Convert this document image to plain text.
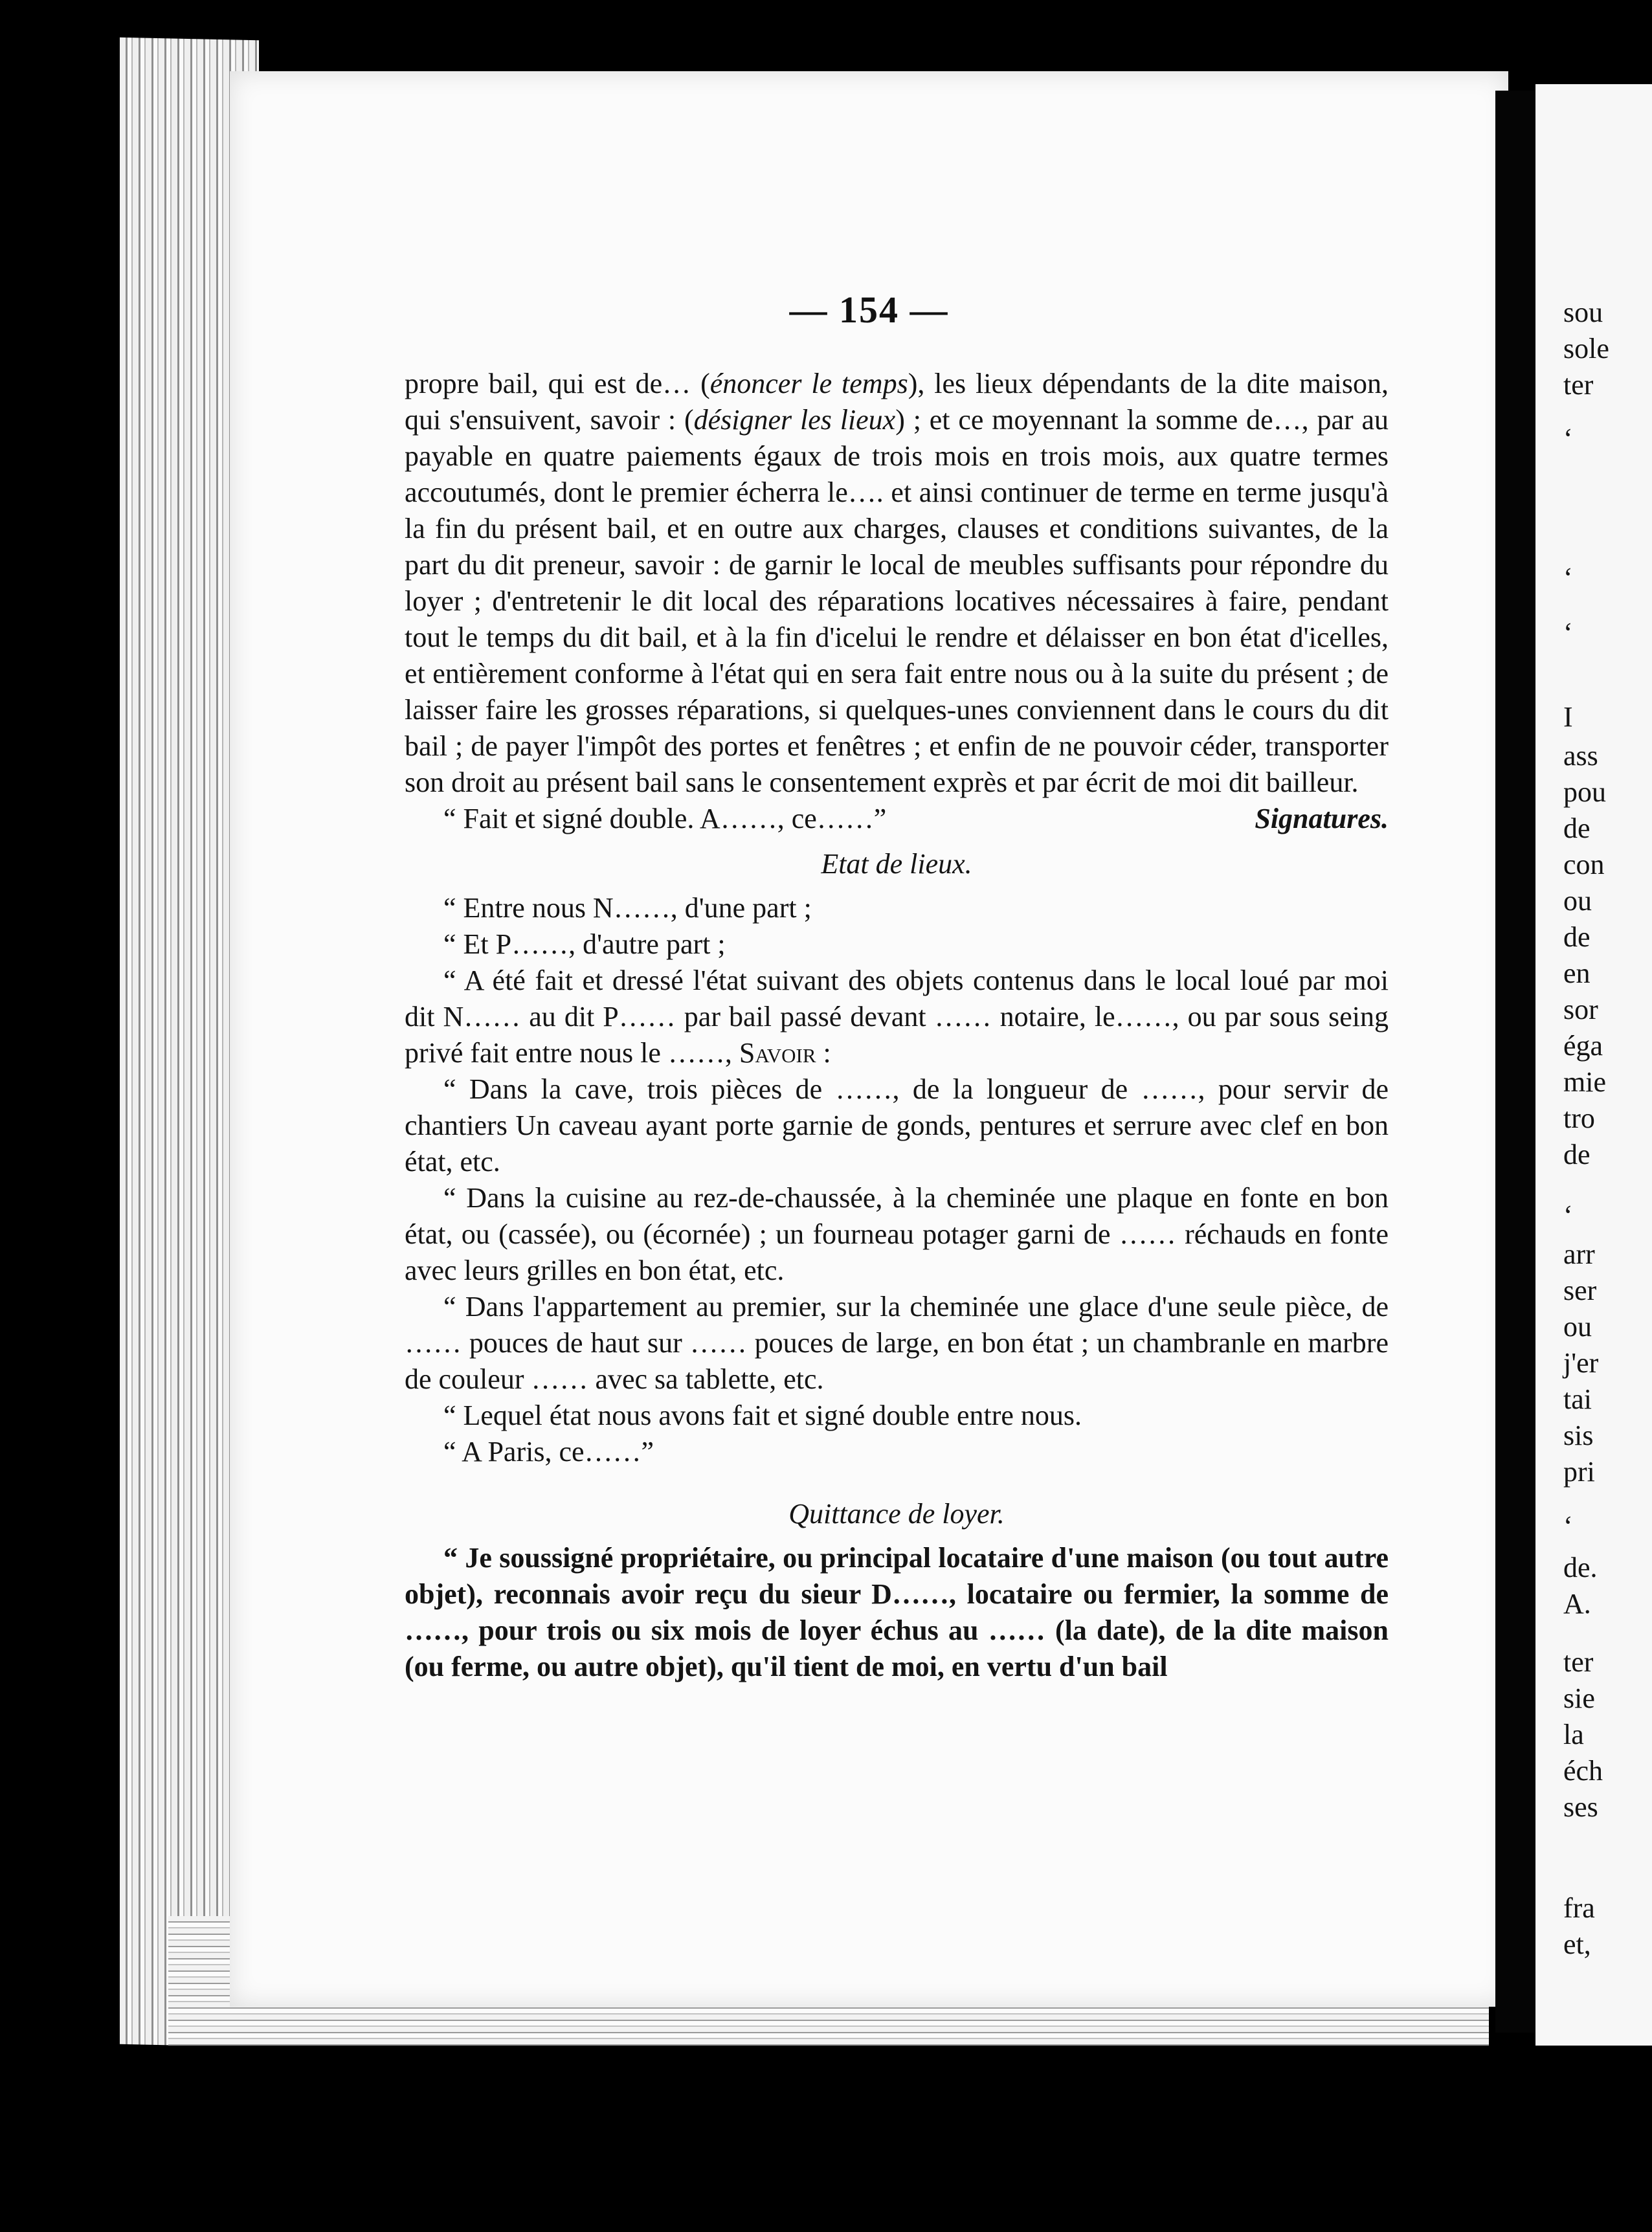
— 154 —

propre bail, qui est de… (énoncer le temps), les lieux dépendants de la dite maison, qui s'ensuivent, savoir : (désigner les lieux) ; et ce moyennant la somme de…, par au payable en quatre paiements égaux de trois mois en trois mois, aux quatre termes accoutumés, dont le premier écherra le…. et ainsi continuer de terme en terme jusqu'à la fin du présent bail, et en outre aux charges, clauses et conditions suivantes, de la part du dit preneur, savoir : de garnir le local de meubles suffisants pour répondre du loyer ; d'entretenir le dit local des réparations locatives nécessaires à faire, pendant tout le temps du dit bail, et à la fin d'icelui le rendre et délaisser en bon état d'icelles, et entièrement conforme à l'état qui en sera fait entre nous ou à la suite du présent ; de laisser faire les grosses réparations, si quelques-unes conviennent dans le cours du dit bail ; de payer l'impôt des portes et fenêtres ; et enfin de ne pouvoir céder, transporter son droit au présent bail sans le consentement exprès et par écrit de moi dit bailleur.

“ Fait et signé double. A……, ce……”	Signatures.

Etat de lieux.

“ Entre nous N……, d'une part ;

“ Et P……, d'autre part ;

“ A été fait et dressé l'état suivant des objets contenus dans le local loué par moi dit N…… au dit P…… par bail passé devant …… notaire, le……, ou par sous seing privé fait entre nous le ……, Savoir :

“ Dans la cave, trois pièces de ……, de la longueur de ……, pour servir de chantiers Un caveau ayant porte garnie de gonds, pentures et serrure avec clef en bon état, etc.

“ Dans la cuisine au rez-de-chaussée, à la cheminée une plaque en fonte en bon état, ou (cassée), ou (écornée) ; un fourneau potager garni de …… réchauds en fonte avec leurs grilles en bon état, etc.

“ Dans l'appartement au premier, sur la cheminée une glace d'une seule pièce, de …… pouces de haut sur …… pouces de large, en bon état ; un chambranle en marbre de couleur …… avec sa tablette, etc.

“ Lequel état nous avons fait et signé double entre nous.

“ A Paris, ce……”

Quittance de loyer.

“ Je soussigné propriétaire, ou principal locataire d'une maison (ou tout autre objet), reconnais avoir reçu du sieur D……, locataire ou fermier, la somme de ……, pour trois ou six mois de loyer échus au …… (la date), de la dite maison (ou ferme, ou autre objet), qu'il tient de moi, en vertu d'un bail

sou
sole
ter
‘
‘
‘
I
ass
pou
de
con
ou
de
en
sor
éga
mie
tro
de
‘
arr
ser
ou
j'er
tai
sis
pri
‘
de.
A.
ter
sie
la
éch
ses
fra
et,
